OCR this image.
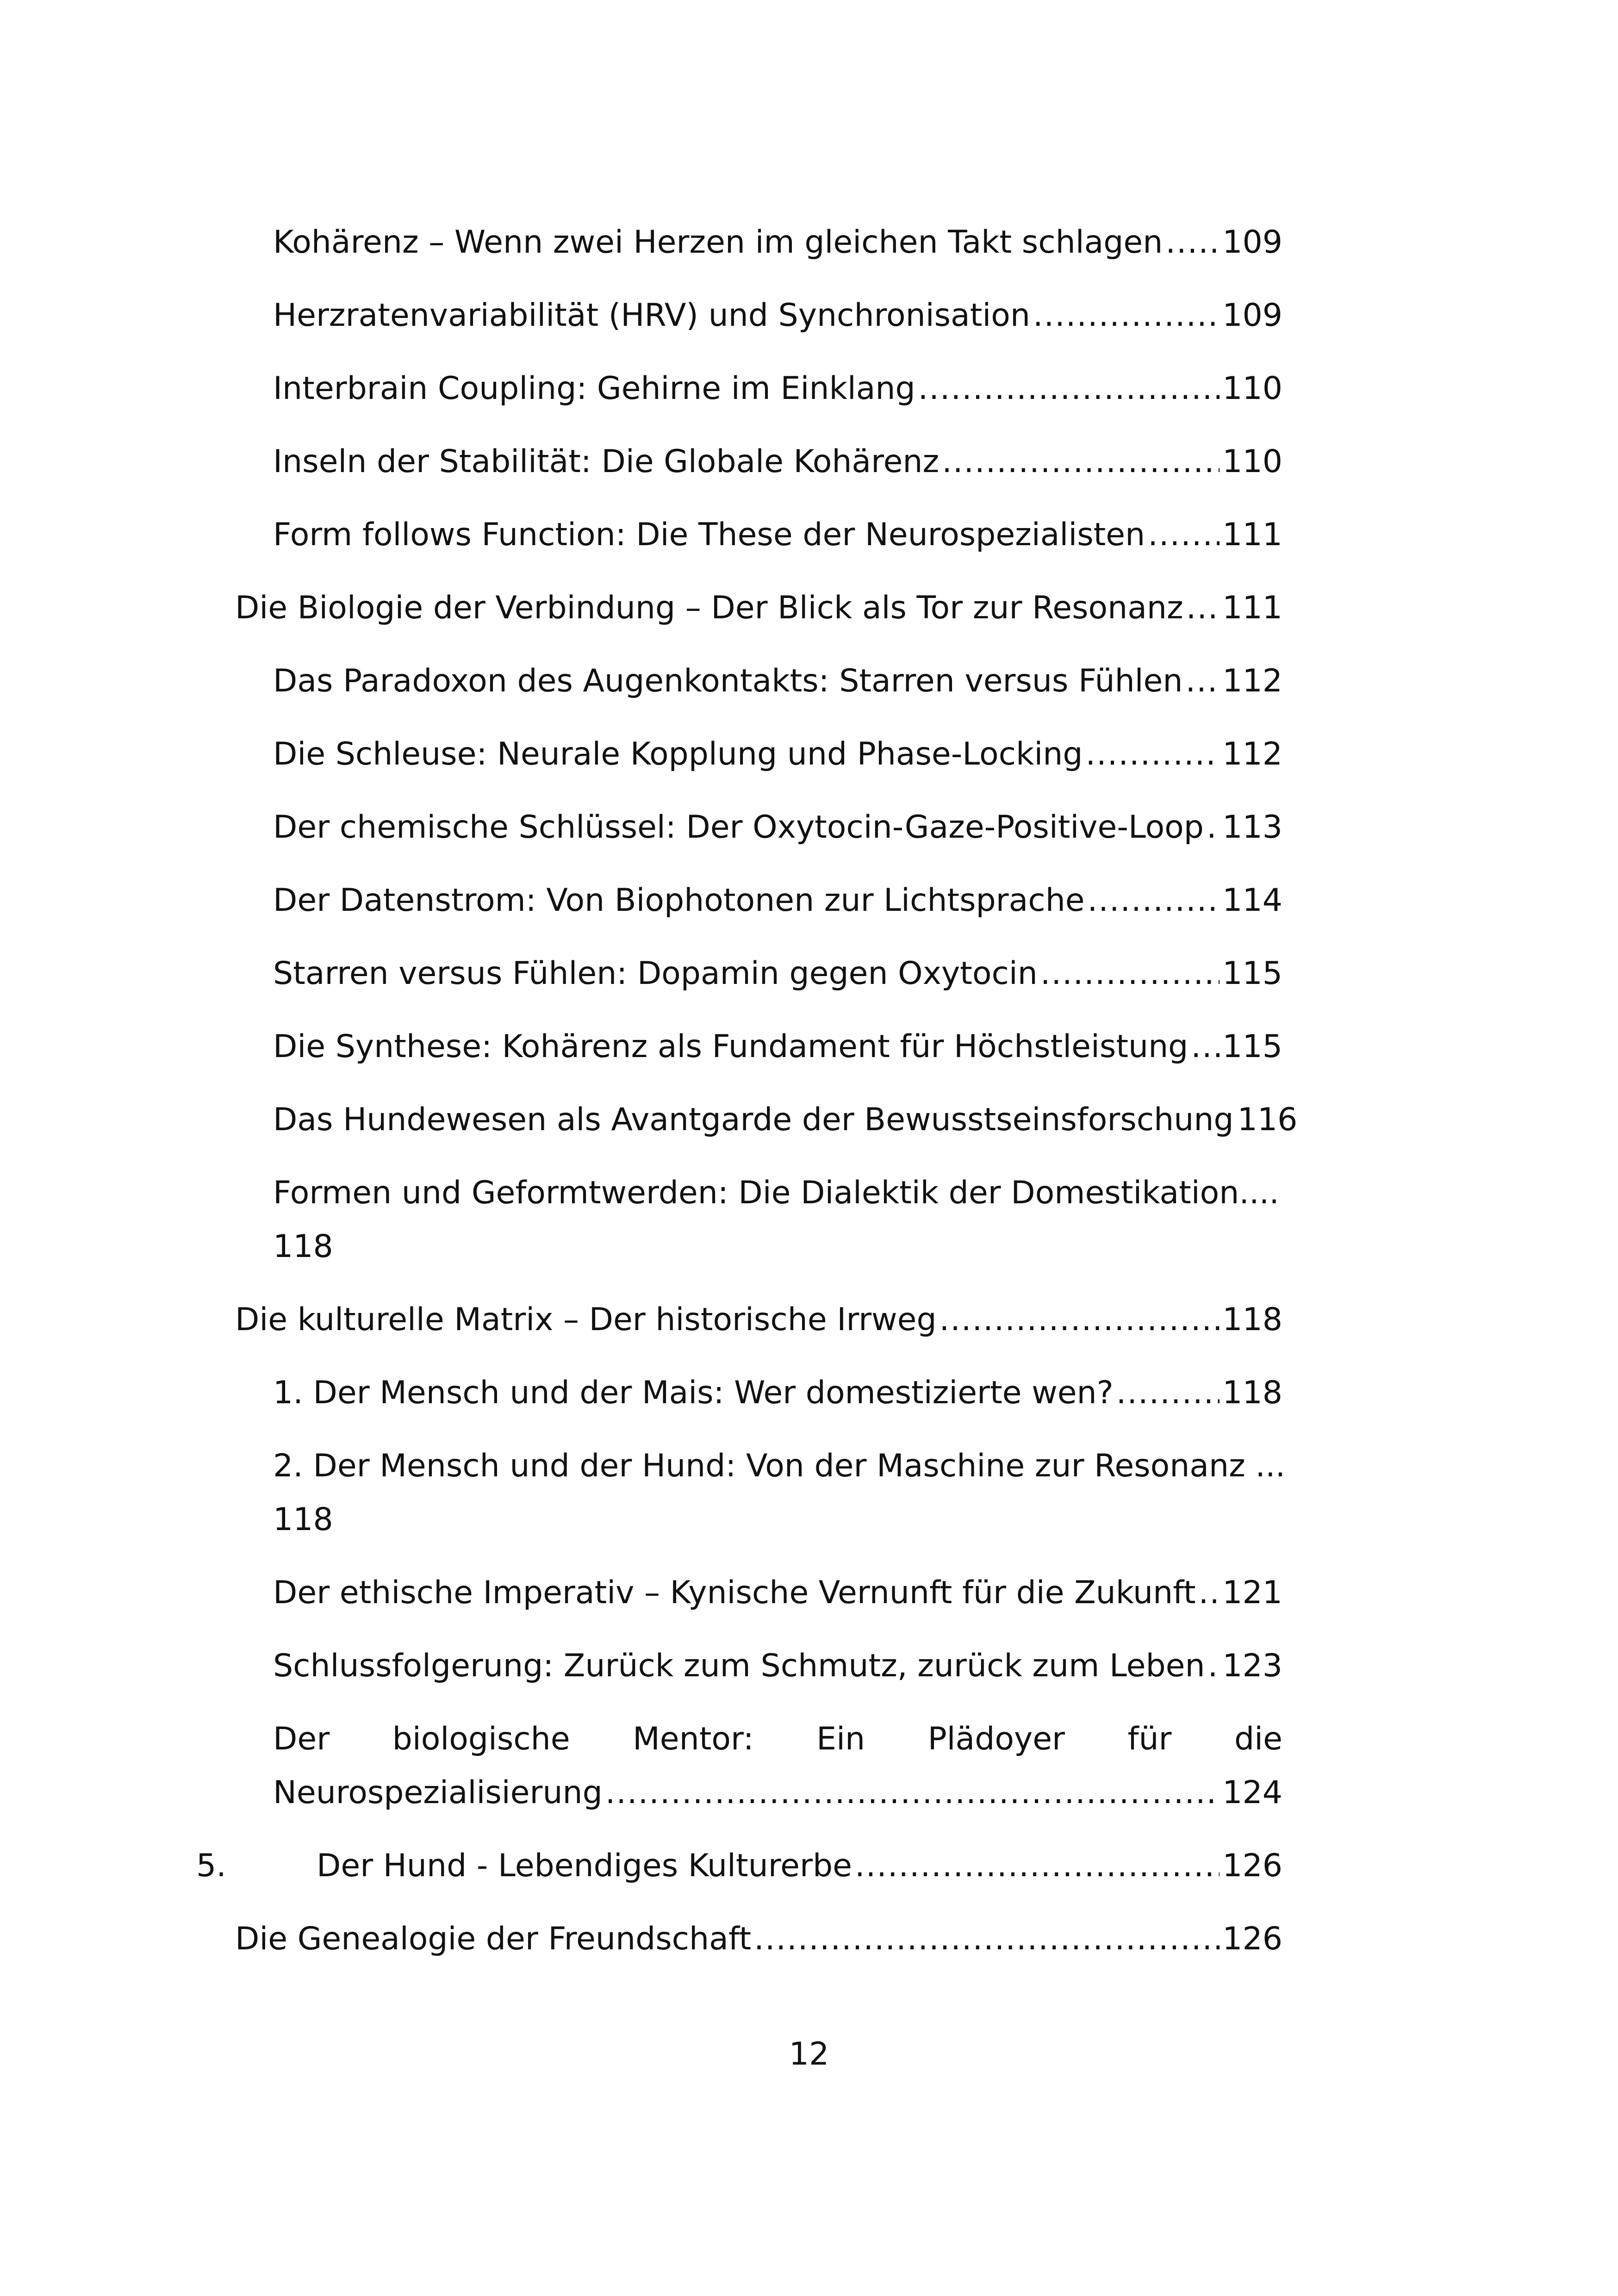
Kohärenz – Wenn zwei Herzen im gleichen Takt schlagen ..... 109
Herzratenvariabilität (HRV) und Synchronisation .....	109
Interbrain Coupling: Gehirne im Einklang .....	110
Inseln der Stabilität: Die Globale Kohärenz .....	110
Form follows Function: Die These der Neurospezialisten ..... 111
Die Biologie der Verbindung – Der Blick als Tor zur Resonanz ..... 111
Das Paradoxon des Augenkontakts: Starren versus Fühlen ..... 112
Die Schleuse: Neurale Kopplung und Phase-Locking .....	112
Der chemische Schlüssel: Der Oxytocin-Gaze-Positive-Loop ..... 113
Der Datenstrom: Von Biophotonen zur Lichtsprache .....	114
Starren versus Fühlen: Dopamin gegen Oxytocin .....	115
Die Synthese: Kohärenz als Fundament für Höchstleistung ..... 115
Das Hundewesen als Avantgarde der Bewusstseinsforschung 116
Formen und Geformtwerden: Die Dialektik der Domestikation....
118
Die kulturelle Matrix – Der historische Irrweg .....	118
1. Der Mensch und der Mais: Wer domestizierte wen? .....	118
2. Der Mensch und der Hund: Von der Maschine zur Resonanz ...
118
Der ethische Imperativ – Kynische Vernunft für die Zukunft ..... 121
Schlussfolgerung: Zurück zum Schmutz, zurück zum Leben ..... 123
Der biologische Mentor: Ein Plädoyer für die
Neurospezialisierung .....	124
5.	Der Hund - Lebendiges Kulturerbe .....	126
Die Genealogie der Freundschaft .....	126
12
